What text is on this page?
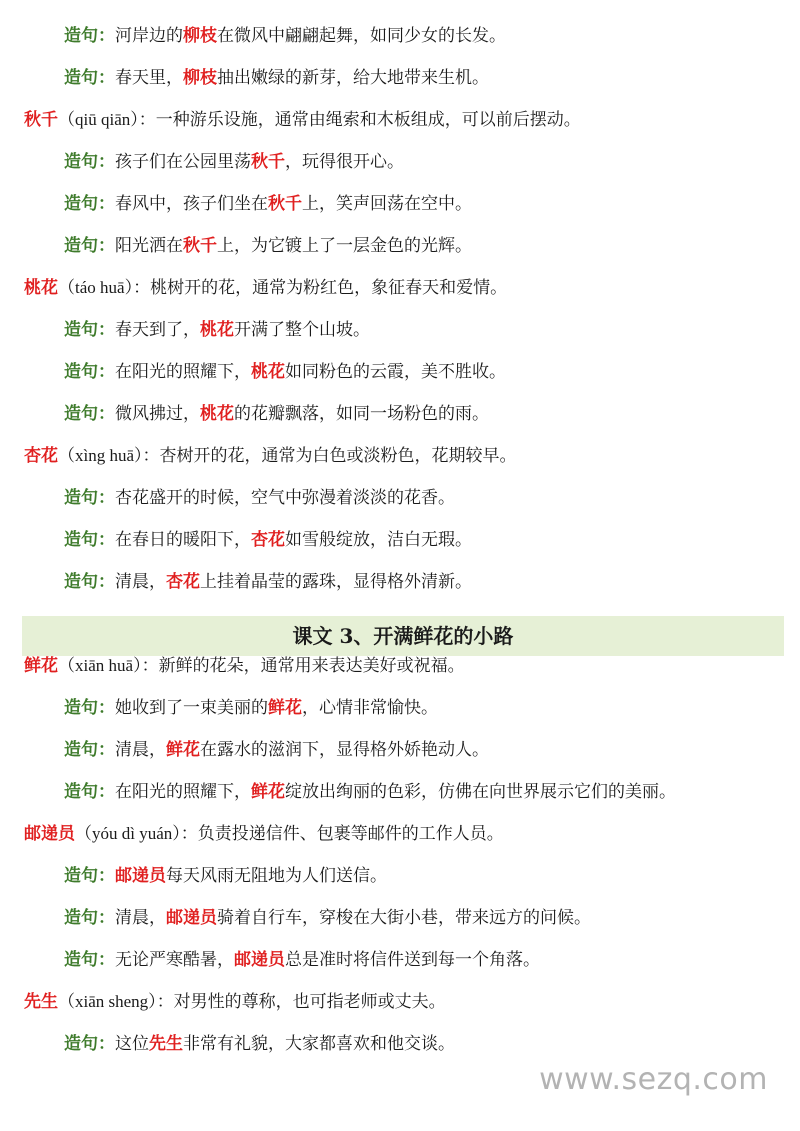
造句：河岸边的柳枝在微风中翩翩起舞，如同少女的长发。
造句：春天里，柳枝抽出嫩绿的新芽，给大地带来生机。
秋千（qiū qiān）：一种游乐设施，通常由绳索和木板组成，可以前后摆动。
造句：孩子们在公园里荡秋千，玩得很开心。
造句：春风中，孩子们坐在秋千上，笑声回荡在空中。
造句：阳光洒在秋千上，为它镀上了一层金色的光辉。
桃花（táo huā）：桃树开的花，通常为粉红色，象征春天和爱情。
造句：春天到了，桃花开满了整个山坡。
造句：在阳光的照耀下，桃花如同粉色的云霞，美不胜收。
造句：微风拂过，桃花的花瓣飘落，如同一场粉色的雨。
杏花（xìng huā）：杏树开的花，通常为白色或淡粉色，花期较早。
造句：杏花盛开的时候，空气中弥漫着淡淡的花香。
造句：在春日的暖阳下，杏花如雪般绽放，洁白无瑕。
造句：清晨，杏花上挂着晶莹的露珠，显得格外清新。
鲜花（xiān huā）：新鲜的花朵，通常用来表达美好或祝福。
造句：她收到了一束美丽的鲜花，心情非常愉快。
造句：清晨，鲜花在露水的滋润下，显得格外娇艳动人。
造句：在阳光的照耀下，鲜花绽放出绚丽的色彩，仿佛在向世界展示它们的美丽。
邮递员（yóu dì yuán）：负责投递信件、包裹等邮件的工作人员。
造句：邮递员每天风雨无阻地为人们送信。
造句：清晨，邮递员骑着自行车，穿梭在大街小巷，带来远方的问候。
造句：无论严寒酷暑，邮递员总是准时将信件送到每一个角落。
先生（xiān sheng）：对男性的尊称，也可指老师或丈夫。
造句：这位先生非常有礼貌，大家都喜欢和他交谈。
课文 3、开满鲜花的小路
www.sezq.com
